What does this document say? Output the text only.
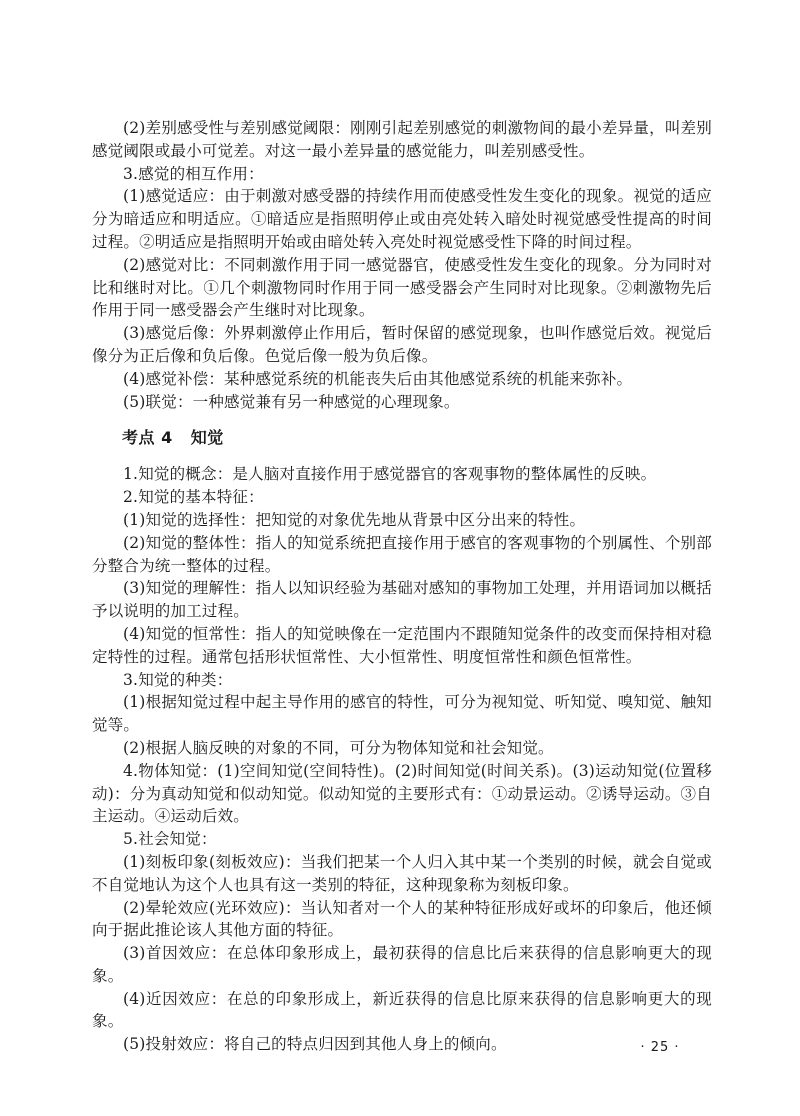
(2)差别感受性与差别感觉阈限：刚刚引起差别感觉的刺激物间的最小差异量，叫差别感觉阈限或最小可觉差。对这一最小差异量的感觉能力，叫差别感受性。

3.感觉的相互作用：

(1)感觉适应：由于刺激对感受器的持续作用而使感受性发生变化的现象。视觉的适应分为暗适应和明适应。①暗适应是指照明停止或由亮处转入暗处时视觉感受性提高的时间过程。②明适应是指照明开始或由暗处转入亮处时视觉感受性下降的时间过程。

(2)感觉对比：不同刺激作用于同一感觉器官，使感受性发生变化的现象。分为同时对比和继时对比。①几个刺激物同时作用于同一感受器会产生同时对比现象。②刺激物先后作用于同一感受器会产生继时对比现象。

(3)感觉后像：外界刺激停止作用后，暂时保留的感觉现象，也叫作感觉后效。视觉后像分为正后像和负后像。色觉后像一般为负后像。

(4)感觉补偿：某种感觉系统的机能丧失后由其他感觉系统的机能来弥补。

(5)联觉：一种感觉兼有另一种感觉的心理现象。

考点 4 知觉

1.知觉的概念：是人脑对直接作用于感觉器官的客观事物的整体属性的反映。

2.知觉的基本特征：

(1)知觉的选择性：把知觉的对象优先地从背景中区分出来的特性。

(2)知觉的整体性：指人的知觉系统把直接作用于感官的客观事物的个别属性、个别部分整合为统一整体的过程。

(3)知觉的理解性：指人以知识经验为基础对感知的事物加工处理，并用语词加以概括予以说明的加工过程。

(4)知觉的恒常性：指人的知觉映像在一定范围内不跟随知觉条件的改变而保持相对稳定特性的过程。通常包括形状恒常性、大小恒常性、明度恒常性和颜色恒常性。

3.知觉的种类：

(1)根据知觉过程中起主导作用的感官的特性，可分为视知觉、听知觉、嗅知觉、触知觉等。

(2)根据人脑反映的对象的不同，可分为物体知觉和社会知觉。

4.物体知觉：(1)空间知觉(空间特性)。(2)时间知觉(时间关系)。(3)运动知觉(位置移动)：分为真动知觉和似动知觉。似动知觉的主要形式有：①动景运动。②诱导运动。③自主运动。④运动后效。

5.社会知觉：

(1)刻板印象(刻板效应)：当我们把某一个人归入其中某一个类别的时候，就会自觉或不自觉地认为这个人也具有这一类别的特征，这种现象称为刻板印象。

(2)晕轮效应(光环效应)：当认知者对一个人的某种特征形成好或坏的印象后，他还倾向于据此推论该人其他方面的特征。

(3)首因效应：在总体印象形成上，最初获得的信息比后来获得的信息影响更大的现象。

(4)近因效应：在总的印象形成上，新近获得的信息比原来获得的信息影响更大的现象。

(5)投射效应：将自己的特点归因到其他人身上的倾向。	· 25 ·
